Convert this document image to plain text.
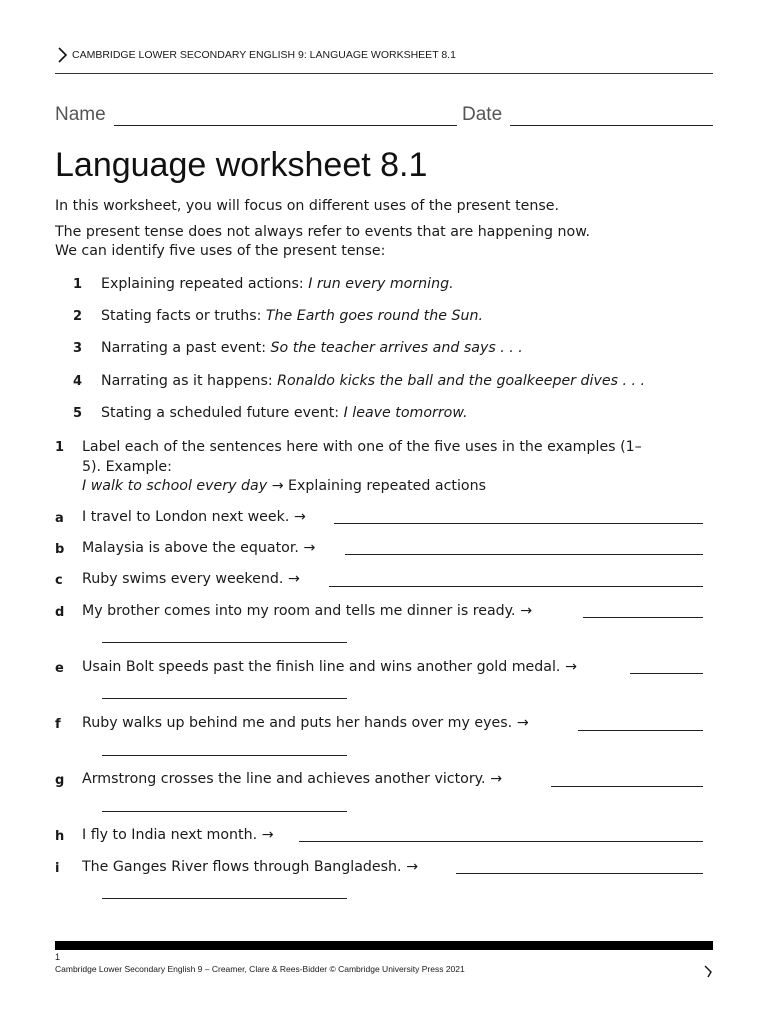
CAMBRIDGE LOWER SECONDARY ENGLISH 9: LANGUAGE WORKSHEET 8.1
Name	Date
Language worksheet 8.1
In this worksheet, you will focus on different uses of the present tense.
The present tense does not always refer to events that are happening now.
We can identify five uses of the present tense:
1 Explaining repeated actions: I run every morning.
2 Stating facts or truths: The Earth goes round the Sun.
3 Narrating a past event: So the teacher arrives and says . . .
4 Narrating as it happens: Ronaldo kicks the ball and the goalkeeper dives . . .
5 Stating a scheduled future event: I leave tomorrow.
1 Label each of the sentences here with one of the five uses in the examples (1–
5). Example:
I walk to school every day → Explaining repeated actions
a I travel to London next week. →
b Malaysia is above the equator. →
c Ruby swims every weekend. →
d My brother comes into my room and tells me dinner is ready. →
e Usain Bolt speeds past the finish line and wins another gold medal. →
f Ruby walks up behind me and puts her hands over my eyes. →
g Armstrong crosses the line and achieves another victory. →
h I fly to India next month. →
i The Ganges River flows through Bangladesh. →
1
Cambridge Lower Secondary English 9 – Creamer, Clare & Rees-Bidder © Cambridge University Press 2021
